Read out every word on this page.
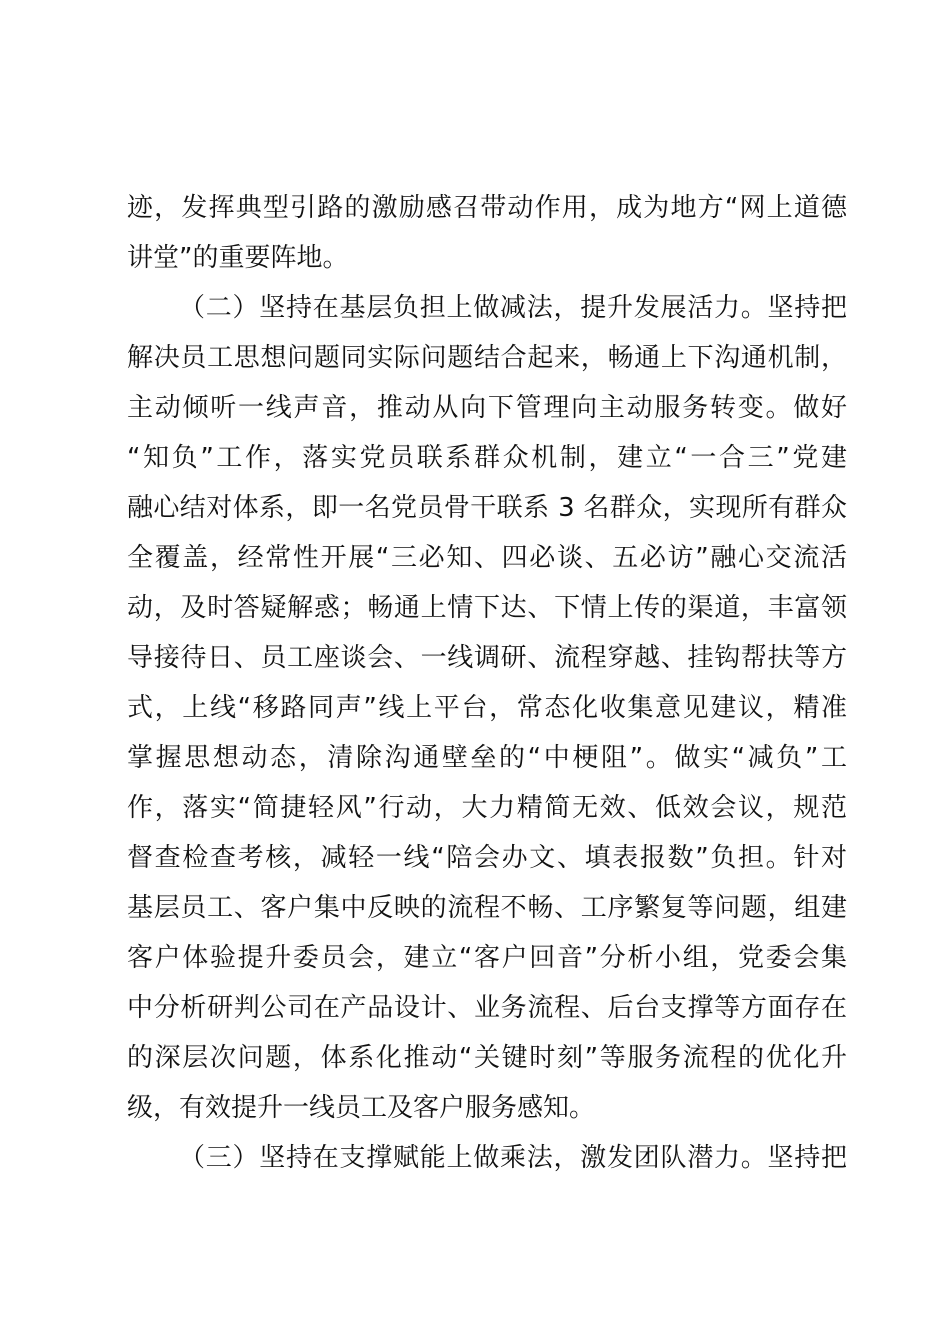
迹，发挥典型引路的激励感召带动作用，成为地方“网上道德
讲堂”的重要阵地。
（二）坚持在基层负担上做减法，提升发展活力。坚持把
解决员工思想问题同实际问题结合起来，畅通上下沟通机制，
主动倾听一线声音，推动从向下管理向主动服务转变。做好
“知负”工作，落实党员联系群众机制，建立“一合三”党建
融心结对体系，即一名党员骨干联系 3 名群众，实现所有群众
全覆盖，经常性开展“三必知、四必谈、五必访”融心交流活
动，及时答疑解惑；畅通上情下达、下情上传的渠道，丰富领
导接待日、员工座谈会、一线调研、流程穿越、挂钩帮扶等方
式，上线“移路同声”线上平台，常态化收集意见建议，精准
掌握思想动态，清除沟通壁垒的“中梗阻”。做实“减负”工
作，落实“简捷轻风”行动，大力精简无效、低效会议，规范
督查检查考核，减轻一线“陪会办文、填表报数”负担。针对
基层员工、客户集中反映的流程不畅、工序繁复等问题，组建
客户体验提升委员会，建立“客户回音”分析小组，党委会集
中分析研判公司在产品设计、业务流程、后台支撑等方面存在
的深层次问题，体系化推动“关键时刻”等服务流程的优化升
级，有效提升一线员工及客户服务感知。
（三）坚持在支撑赋能上做乘法，激发团队潜力。坚持把
